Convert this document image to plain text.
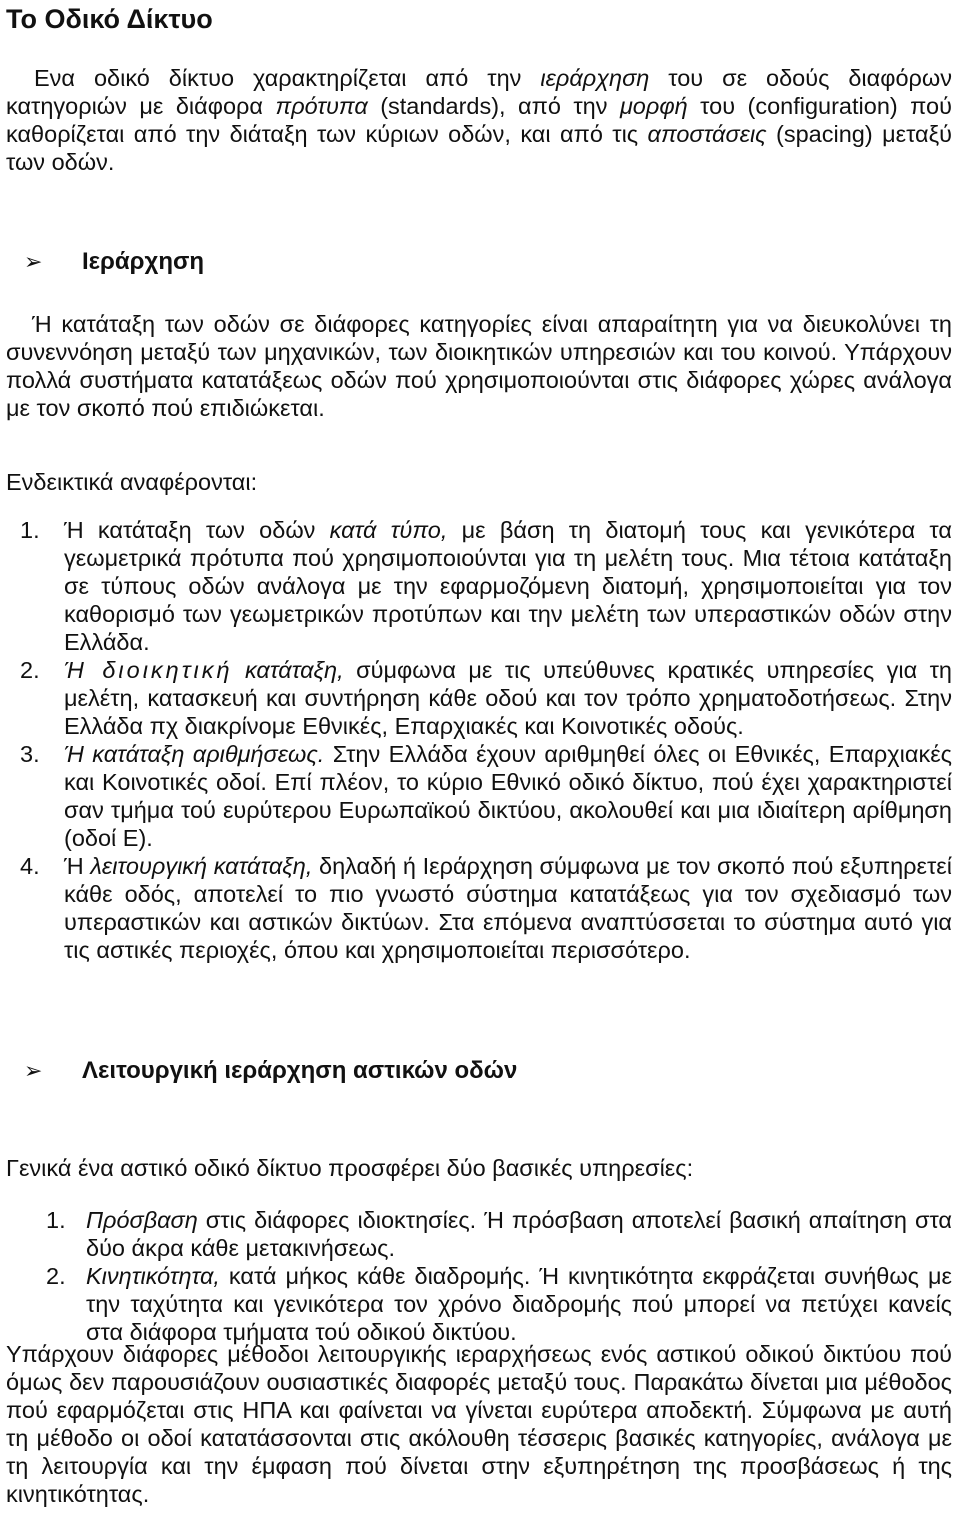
Το Οδικό Δίκτυο

Ενα οδικό δίκτυο χαρακτηρίζεται από την ιεράρχηση του σε οδούς διαφόρων κατηγοριών με διάφορα πρότυπα (standards), από την μορφή του (configuration) πού καθορίζεται από την διάταξη των κύριων οδών, και από τις αποστάσεις (spacing) μεταξύ των οδών.

➢	Ιεράρχηση

Ή κατάταξη των οδών σε διάφορες κατηγορίες είναι απαραίτητη για να διευκολύνει τη συνεννόηση μεταξύ των μηχανικών, των διοικητικών υπηρεσιών και του κοινού. Υπάρχουν πολλά συστήματα κατατάξεως οδών πού χρησιμοποιούνται στις διάφορες χώρες ανάλογα με τον σκοπό πού επιδιώκεται.

Ενδεικτικά αναφέρονται:

1. Ή κατάταξη των οδών κατά τύπο, με βάση τη διατομή τους και γενικότερα τα γεωμετρικά πρότυπα πού χρησιμοποιούνται για τη μελέτη τους. Μια τέτοια κατάταξη σε τύπους οδών ανάλογα με την εφαρμοζόμενη διατομή, χρησιμοποιείται για τον καθορισμό των γεωμετρικών προτύπων και την μελέτη των υπεραστικών οδών στην Ελλάδα.
2. Ή διοικητική κατάταξη, σύμφωνα με τις υπεύθυνες κρατικές υπηρεσίες για τη μελέτη, κατασκευή και συντήρηση κάθε οδού και τον τρόπο χρηματοδοτήσεως. Στην Ελλάδα πχ διακρίνομε Εθνικές, Επαρχιακές και Κοινοτικές οδούς.
3. Ή κατάταξη αριθμήσεως. Στην Ελλάδα έχουν αριθμηθεί όλες οι Εθνικές, Επαρχιακές και Κοινοτικές οδοί. Επί πλέον, το κύριο Εθνικό οδικό δίκτυο, πού έχει χαρακτηριστεί σαν τμήμα τού ευρύτερου Ευρωπαϊκού δικτύου, ακολουθεί και μια ιδιαίτερη αρίθμηση (οδοί Ε).
4. Ή λειτουργική κατάταξη, δηλαδή ή Ιεράρχηση σύμφωνα με τον σκοπό πού εξυπηρετεί κάθε οδός, αποτελεί το πιο γνωστό σύστημα κατατάξεως για τον σχεδιασμό των υπεραστικών και αστικών δικτύων. Στα επόμενα αναπτύσσεται το σύστημα αυτό για τις αστικές περιοχές, όπου και χρησιμοποιείται περισσότερο.
➢	Λειτουργική ιεράρχηση αστικών οδών

Γενικά ένα αστικό οδικό δίκτυο προσφέρει δύο βασικές υπηρεσίες:

1. Πρόσβαση στις διάφορες ιδιοκτησίες. Ή πρόσβαση αποτελεί βασική απαίτηση στα δύο άκρα κάθε μετακινήσεως.
2. Κινητικότητα, κατά μήκος κάθε διαδρομής. Ή κινητικότητα εκφράζεται συνήθως με την ταχύτητα και γενικότερα τον χρόνο διαδρομής πού μπορεί να πετύχει κανείς στα διάφορα τμήματα τού οδικού δικτύου.

Υπάρχουν διάφορες μέθοδοι λειτουργικής ιεραρχήσεως ενός αστικού οδικού δικτύου πού όμως δεν παρουσιάζουν ουσιαστικές διαφορές μεταξύ τους. Παρακάτω δίνεται μια μέθοδος πού εφαρμόζεται στις ΗΠΑ και φαίνεται να γίνεται ευρύτερα αποδεκτή. Σύμφωνα με αυτή τη μέθοδο οι οδοί κατατάσσονται στις ακόλουθη τέσσερις βασικές κατηγορίες, ανάλογα με τη λειτουργία και την έμφαση πού δίνεται στην εξυπηρέτηση της προσβάσεως ή της κινητικότητας.
